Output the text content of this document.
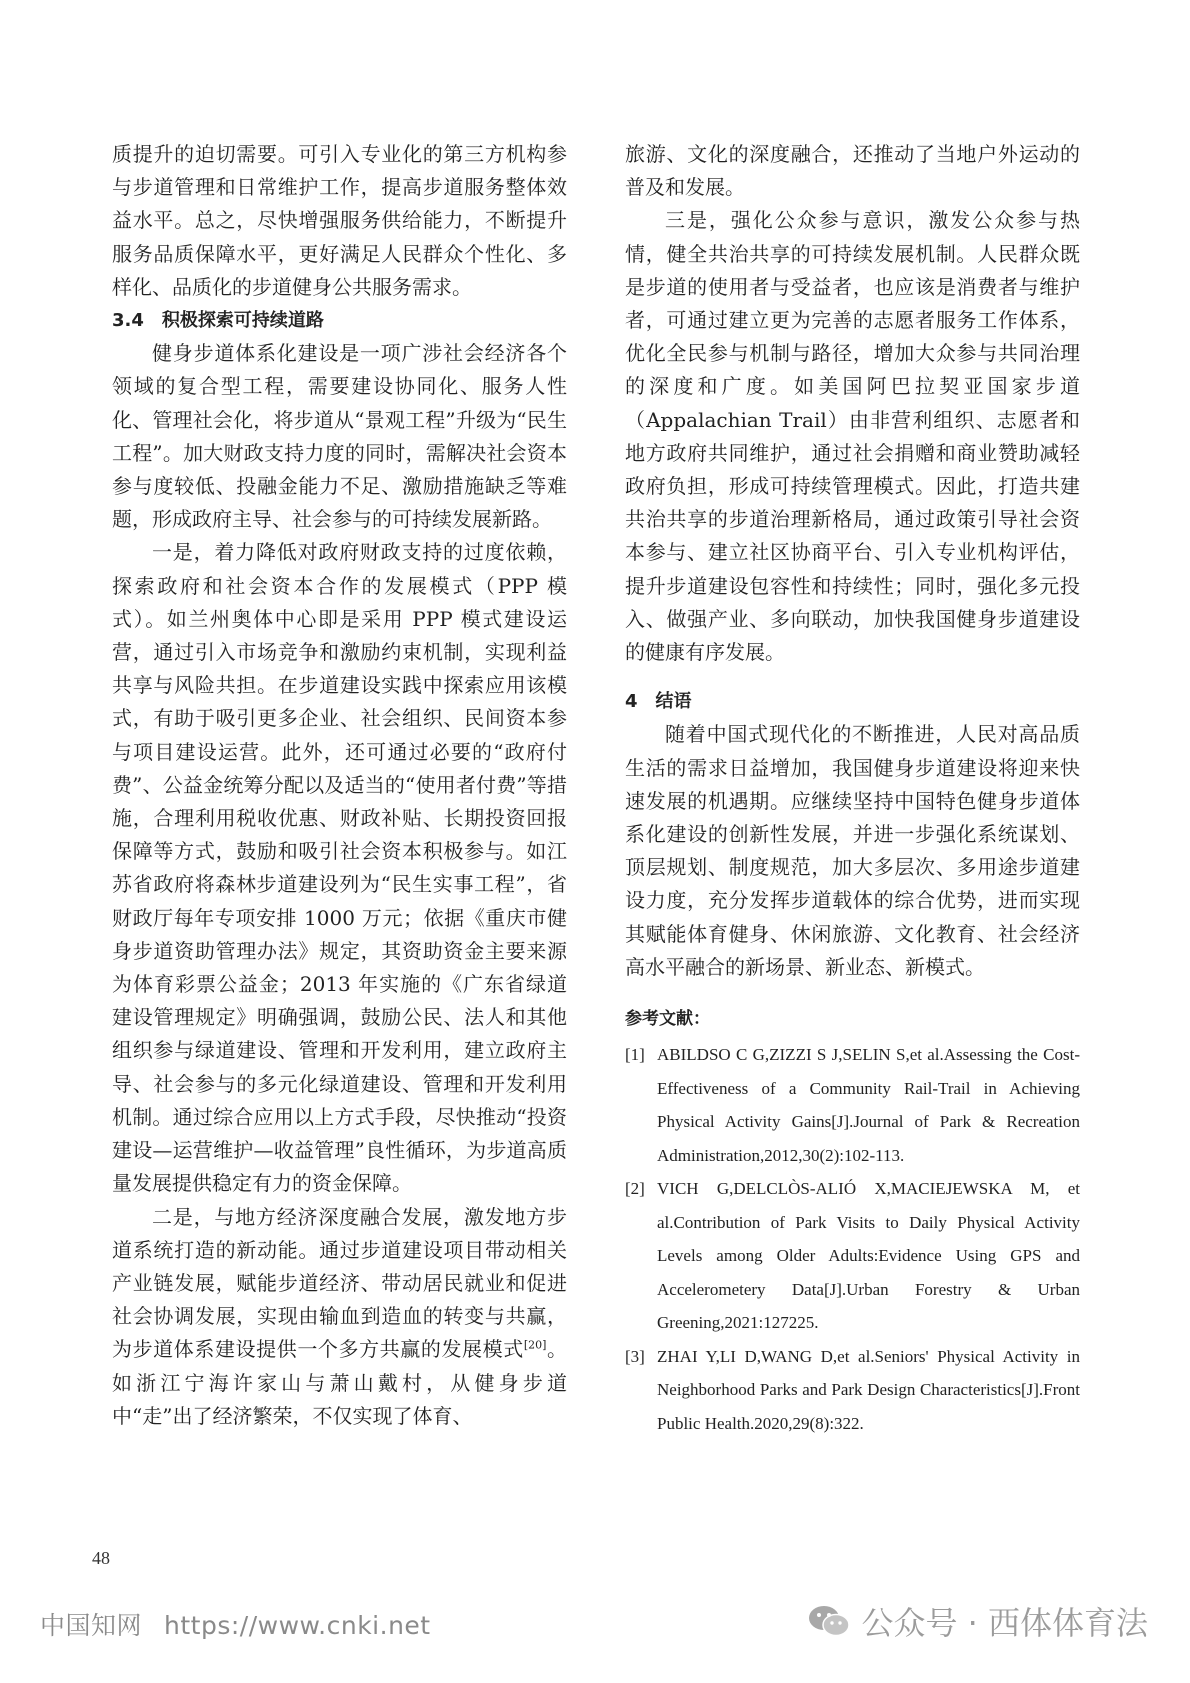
质提升的迫切需要。可引入专业化的第三方机构参与步道管理和日常维护工作，提高步道服务整体效益水平。总之，尽快增强服务供给能力，不断提升服务品质保障水平，更好满足人民群众个性化、多样化、品质化的步道健身公共服务需求。

3.4　积极探索可持续道路

健身步道体系化建设是一项广涉社会经济各个领域的复合型工程，需要建设协同化、服务人性化、管理社会化，将步道从“景观工程”升级为“民生工程”。加大财政支持力度的同时，需解决社会资本参与度较低、投融金能力不足、激励措施缺乏等难题，形成政府主导、社会参与的可持续发展新路。

一是，着力降低对政府财政支持的过度依赖，探索政府和社会资本合作的发展模式（PPP 模式）。如兰州奥体中心即是采用 PPP 模式建设运营，通过引入市场竞争和激励约束机制，实现利益共享与风险共担。在步道建设实践中探索应用该模式，有助于吸引更多企业、社会组织、民间资本参与项目建设运营。此外，还可通过必要的“政府付费”、公益金统筹分配以及适当的“使用者付费”等措施，合理利用税收优惠、财政补贴、长期投资回报保障等方式，鼓励和吸引社会资本积极参与。如江苏省政府将森林步道建设列为“民生实事工程”，省财政厅每年专项安排 1000 万元；依据《重庆市健身步道资助管理办法》规定，其资助资金主要来源为体育彩票公益金；2013 年实施的《广东省绿道建设管理规定》明确强调，鼓励公民、法人和其他组织参与绿道建设、管理和开发利用，建立政府主导、社会参与的多元化绿道建设、管理和开发利用机制。通过综合应用以上方式手段，尽快推动“投资建设—运营维护—收益管理”良性循环，为步道高质量发展提供稳定有力的资金保障。

二是，与地方经济深度融合发展，激发地方步道系统打造的新动能。通过步道建设项目带动相关产业链发展，赋能步道经济、带动居民就业和促进社会协调发展，实现由输血到造血的转变与共赢，为步道体系建设提供一个多方共赢的发展模式[20]。如浙江宁海许家山与萧山戴村，从健身步道中“走”出了经济繁荣，不仅实现了体育、

旅游、文化的深度融合，还推动了当地户外运动的普及和发展。

三是，强化公众参与意识，激发公众参与热情，健全共治共享的可持续发展机制。人民群众既是步道的使用者与受益者，也应该是消费者与维护者，可通过建立更为完善的志愿者服务工作体系，优化全民参与机制与路径，增加大众参与共同治理的深度和广度。如美国阿巴拉契亚国家步道（Appalachian Trail）由非营利组织、志愿者和地方政府共同维护，通过社会捐赠和商业赞助减轻政府负担，形成可持续管理模式。因此，打造共建共治共享的步道治理新格局，通过政策引导社会资本参与、建立社区协商平台、引入专业机构评估，提升步道建设包容性和持续性；同时，强化多元投入、做强产业、多向联动，加快我国健身步道建设的健康有序发展。

4　结语

随着中国式现代化的不断推进，人民对高品质生活的需求日益增加，我国健身步道建设将迎来快速发展的机遇期。应继续坚持中国特色健身步道体系化建设的创新性发展，并进一步强化系统谋划、顶层规划、制度规范，加大多层次、多用途步道建设力度，充分发挥步道载体的综合优势，进而实现其赋能体育健身、休闲旅游、文化教育、社会经济高水平融合的新场景、新业态、新模式。

参考文献：
[1] ABILDSO C G,ZIZZI S J,SELIN S,et al.Assessing the Cost-Effectiveness of a Community Rail-Trail in Achieving Physical Activity Gains[J].Journal of Park & Recreation Administration,2012,30(2):102-113.
[2] VICH G,DELCLÒS-ALIÓ X,MACIEJEWSKA M, et al.Contribution of Park Visits to Daily Physical Activity Levels among Older Adults:Evidence Using GPS and Accelerometery Data[J].Urban Forestry & Urban Greening,2021:127225.
[3] ZHAI Y,LI D,WANG D,et al.Seniors' Physical Activity in Neighborhood Parks and Park Design Characteristics[J].Front Public Health.2020,29(8):322.
48
中国知网 https://www.cnki.net	公众号 · 西体体育法
